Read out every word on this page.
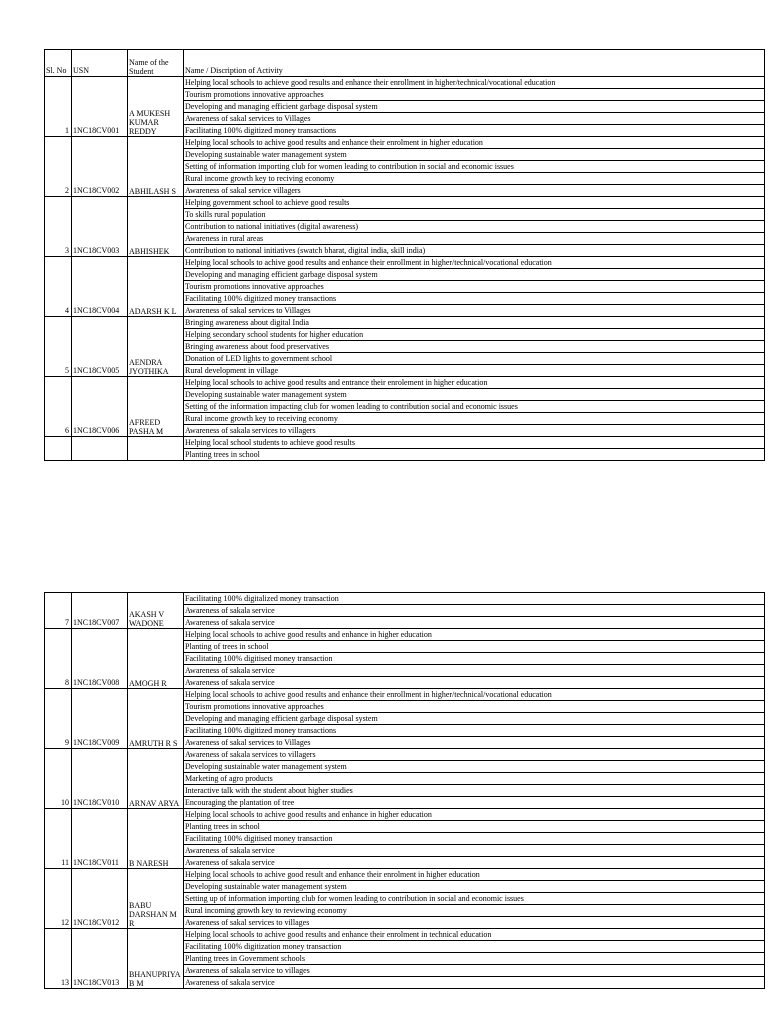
Sl. No	USN	Name of the Student	Name / Discription of Activity
1	1NC18CV001	A MUKESH KUMAR REDDY	Helping local schools to achieve good results and enhance their enrollment in higher/technical/vocational education
			Tourism promotions innovative approaches
			Developing and managing efficient garbage disposal system
			Awareness of sakal services to Villages
			Facilitating 100% digitized money transactions
2	1NC18CV002	ABHILASH S	Helping local schools to achive good results and enhance their enrolment in higher education
			Developing sustainable water management system
			Setting of information importing club for women leading to contribution in social and economic issues
			Rural income growth key to reciving economy
			Awareness of sakal service villagers
3	1NC18CV003	ABHISHEK	Helping government school to achieve good results
			To skills rural population
			Contribution to national initiatives (digital awareness)
			Awareness in rural areas
			Contribution to national initiatives (swatch bharat, digital india, skill india)
4	1NC18CV004	ADARSH K L	Helping local schools to achive good results and enhance their enrollment in higher/technical/vocational education
			Developing and managing efficient garbage disposal system
			Tourism promotions innovative approaches
			Facilitating 100% digitized money transactions
			Awareness of sakal services to Villages
5	1NC18CV005	AENDRA JYOTHIKA	Bringing awareness about digital India
			Helping secondary school students for higher education
			Bringing awareness about food preservatives
			Donation of LED lights to government school
			Rural development in village
6	1NC18CV006	AFREED PASHA M	Helping local schools to achive good results and entrance their enrolement in higher education
			Developing sustainable water management system
			Setting of the information impacting club for women leading to contribution social and economic issues
			Rural income growth key to receiving economy
			Awareness of sakala services to villagers
			Helping local school students to achieve good results
			Planting trees in school
7	1NC18CV007	AKASH V WADONE	Facilitating 100% digitalized money transaction
			Awareness of sakala service
			Awareness of sakala service
8	1NC18CV008	AMOGH R	Helping local schools to achive good results and enhance in higher education
			Planting of trees in school
			Facilitating 100% digitised money transaction
			Awareness of sakala service
			Awareness of sakala service
9	1NC18CV009	AMRUTH R S	Helping local schools to achive good results and enhance their enrollment in higher/technical/vocational education
			Tourism promotions innovative approaches
			Developing and managing efficient garbage disposal system
			Facilitating 100% digitized money transactions
			Awareness of sakal services to Villages
10	1NC18CV010	ARNAV ARYA	Awareness of sakala services to villagers
			Developing sustainable water management system
			Marketing of agro products
			Interactive talk with the student about higher studies
			Encouraging the plantation of tree
11	1NC18CV011	B NARESH	Helping local schools to achive good results and enhance in higher education
			Planting trees in school
			Facilitating 100% digitised money transaction
			Awareness of sakala service
			Awareness of sakala service
12	1NC18CV012	BABU DARSHAN M R	Helping local schools to achive good result and enhance their enrolment in higher education
			Developing sustainable water management system
			Setting up of information importing club for women leading to contribution in social and economic issues
			Rural incoming growth key to reviewing economy
			Awareness of sakal services to villages
13	1NC18CV013	BHANUPRIYA B M	Helping local schools to achive good results and enhance their enrolment in technical education
			Facilitating 100% digitization money transaction
			Planting trees in Government schools
			Awareness of sakala service to villages
			Awareness of sakala service
